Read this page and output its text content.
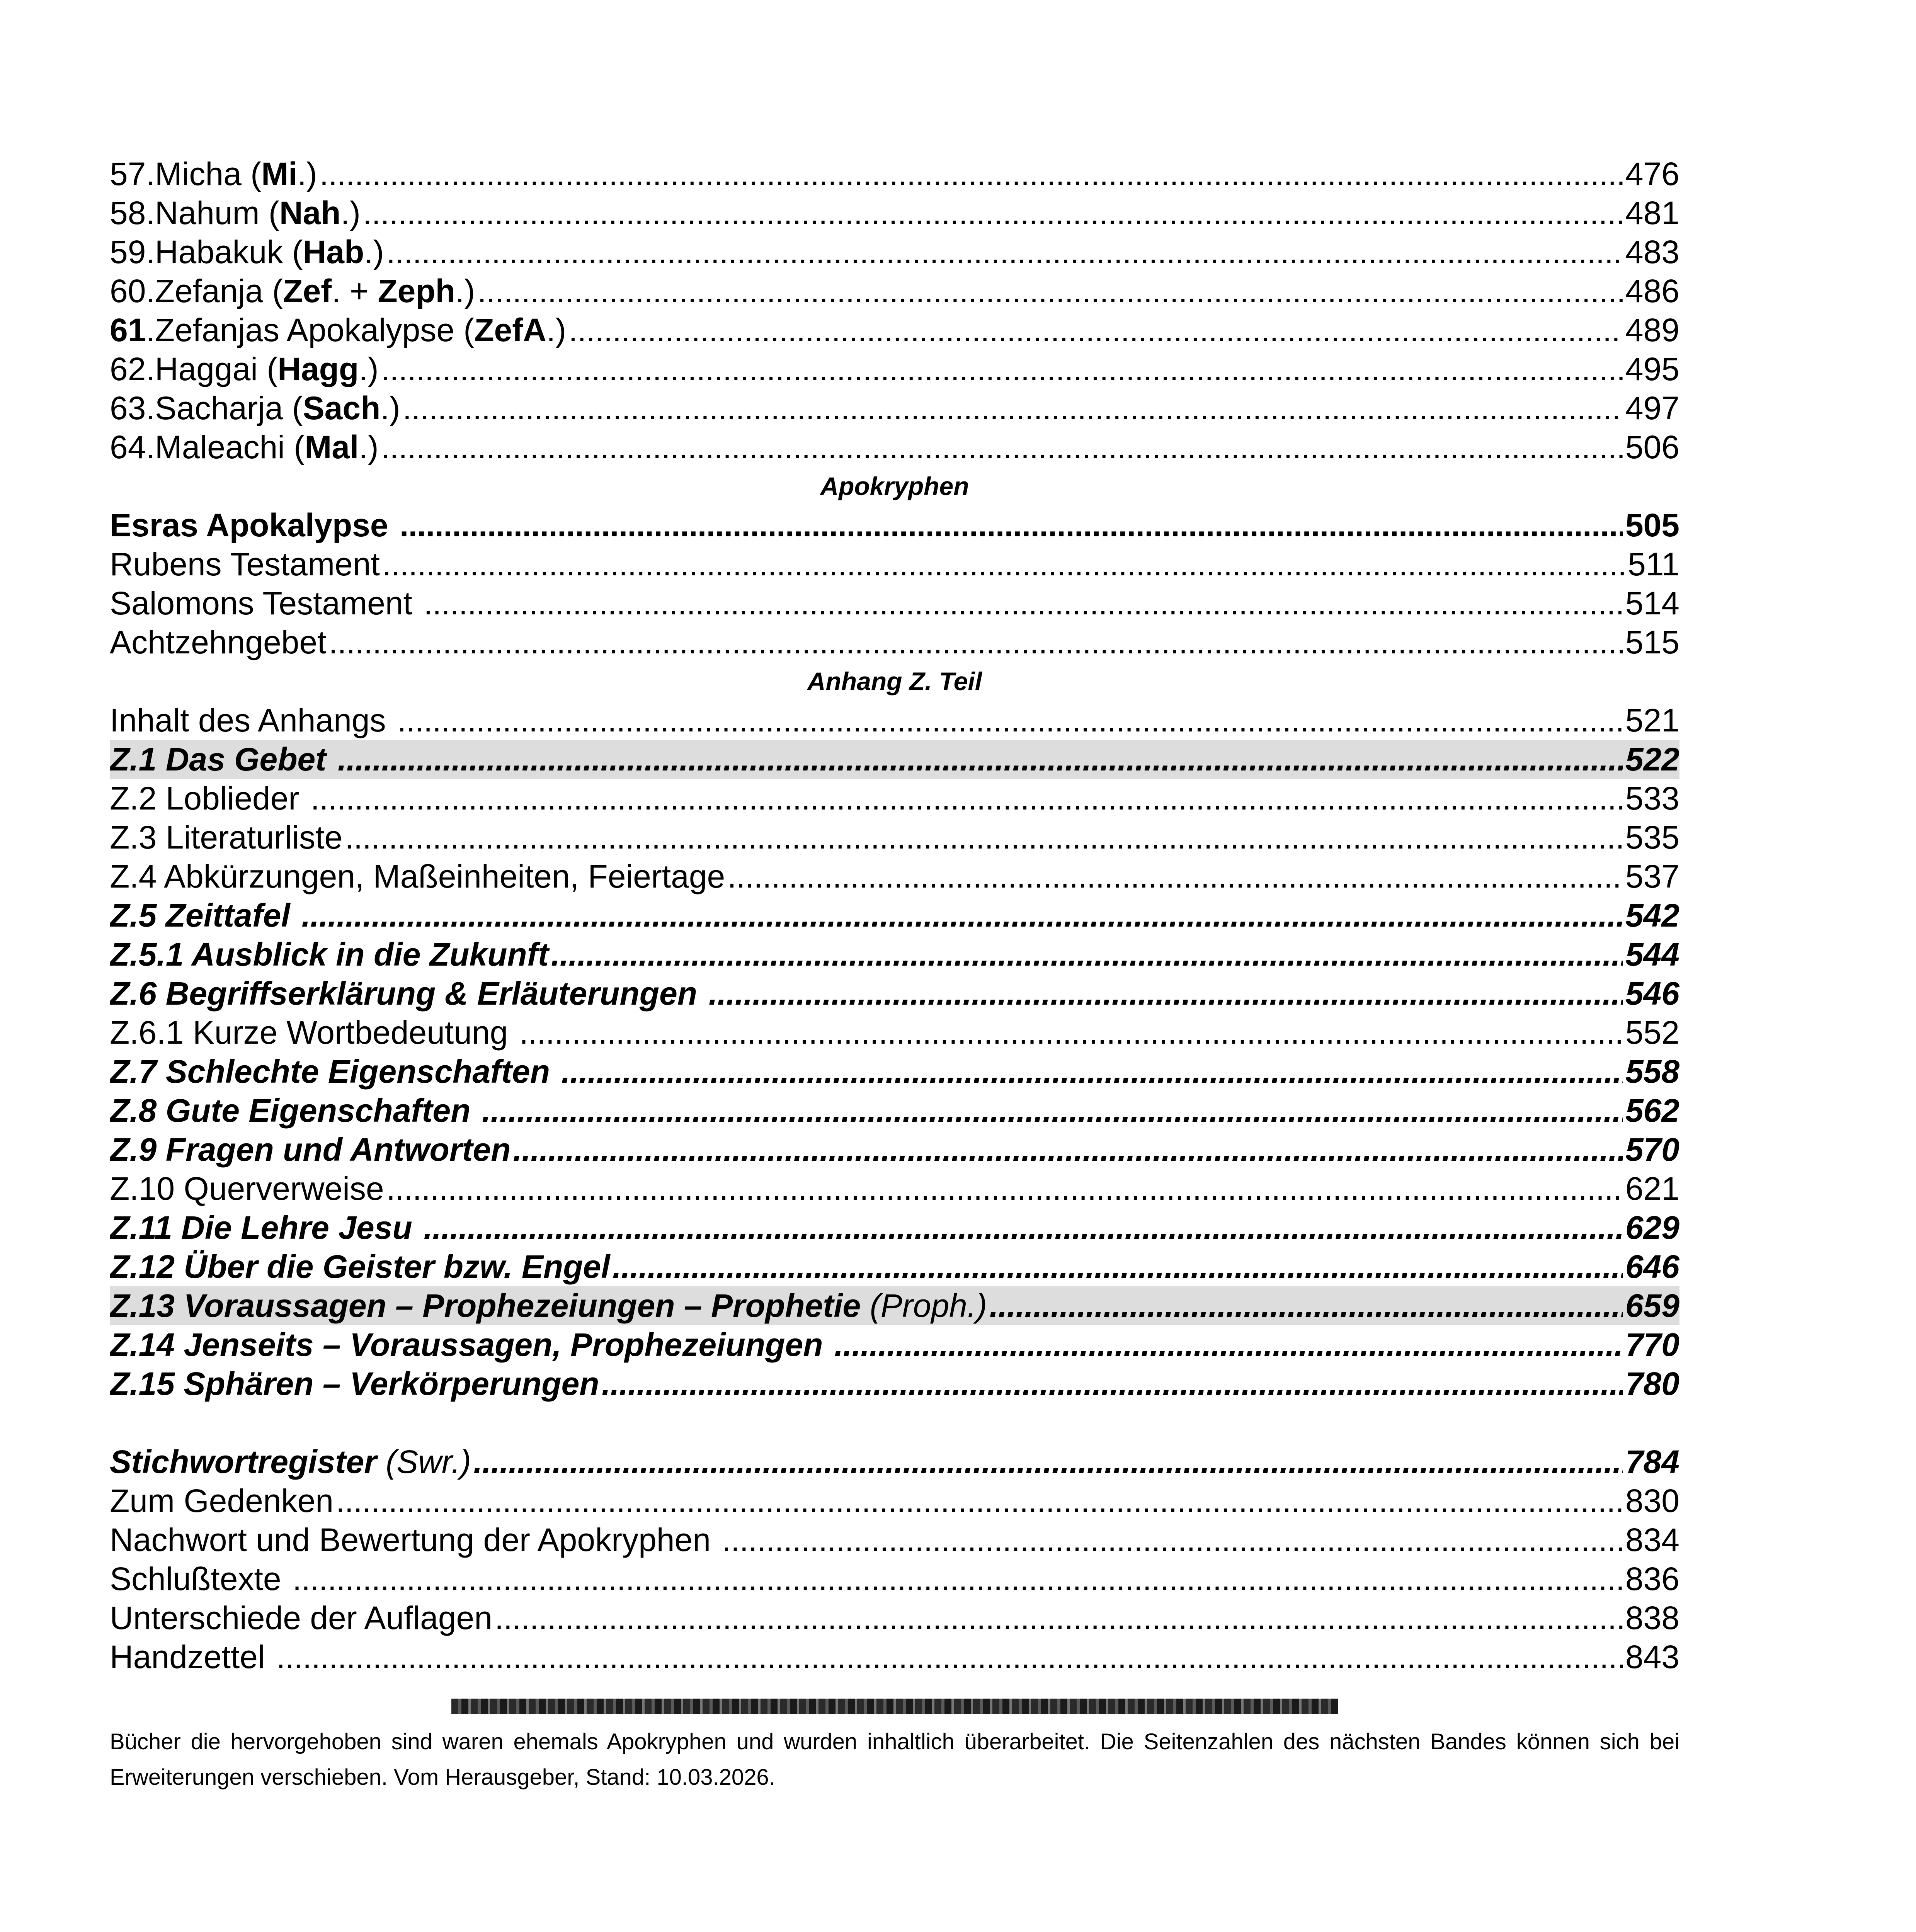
57.Micha (Mi.) . . .	476
58.Nahum (Nah.) . . .	481
59.Habakuk (Hab.) . . .	483
60.Zefanja (Zef. + Zeph.) . . .	486
61.Zefanjas Apokalypse (ZefA.) . . .	489
62.Haggai (Hagg.) . . .	495
63.Sacharja (Sach.) . . .	497
64.Maleachi (Mal.) . . .	506
Apokryphen
Esras Apokalypse . . .	505
Rubens Testament . . .	511
Salomons Testament . . .	514
Achtzehngebet . . .	515
Anhang Z. Teil
Inhalt des Anhangs . . .	521
Z.1 Das Gebet . . .	522
Z.2 Loblieder . . .	533
Z.3 Literaturliste . . .	535
Z.4 Abkürzungen, Maßeinheiten, Feiertage . . .	537
Z.5 Zeittafel . . .	542
Z.5.1 Ausblick in die Zukunft . . .	544
Z.6 Begriffserklärung & Erläuterungen . . .	546
Z.6.1 Kurze Wortbedeutung . . .	552
Z.7 Schlechte Eigenschaften . . .	558
Z.8 Gute Eigenschaften . . .	562
Z.9 Fragen und Antworten . . .	570
Z.10 Querverweise . . .	621
Z.11 Die Lehre Jesu . . .	629
Z.12 Über die Geister bzw. Engel . . .	646
Z.13 Voraussagen – Prophezeiungen – Prophetie (Proph.) . . .	659
Z.14 Jenseits – Voraussagen, Prophezeiungen . . .	770
Z.15 Sphären – Verkörperungen . . .	780
Stichwortregister (Swr.) . . .	784
Zum Gedenken . . .	830
Nachwort und Bewertung der Apokryphen . . .	834
Schlußtexte . . .	836
Unterschiede der Auflagen . . .	838
Handzettel . . .	843
Bücher die hervorgehoben sind waren ehemals Apokryphen und wurden inhaltlich überarbeitet. Die Seitenzahlen des nächsten Bandes können sich bei Erweiterungen verschieben. Vom Herausgeber, Stand: 10.03.2026.
